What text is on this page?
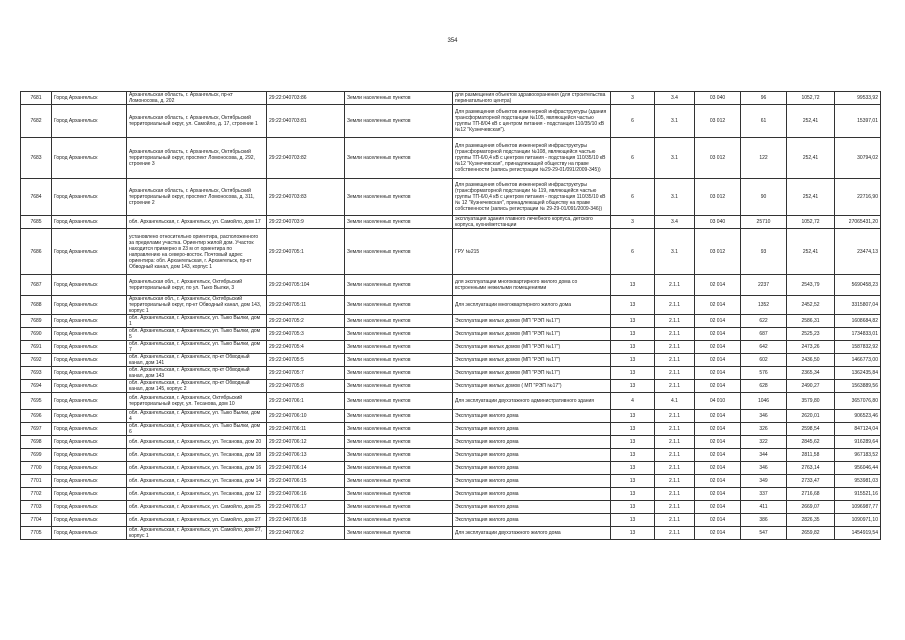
354
7681	Город Архангельск	Архангельская область, г. Архангельск, пр-кт Ломоносова, д. 202	29:22:040703:86	Земли населенных пунктов	для размещения объектов здравоохранения (для строительства перинатального центра)	3	3.4	03 040	96	1052,72	99533,92
7682	Город Архангельск	Архангельская область, г. Архангельск, Октябрьский территориальный округ, ул. Самойло, д. 17, строение 1	29:22:040703:81	Земли населенных пунктов	Для размещения объектов инженерной инфраструктуры (здания трансформаторной подстанции №105, являющейся частью группы ТП-8/04 кВ с центром питания - подстанция 110/35/10 кВ №12 "Кузнечевская").	6	3.1	03 012	61	252,41	15397,01
7683	Город Архангельск	Архангельская область, г. Архангельск, Октябрьский территориальный округ, проспект Ломоносова, д. 292, строение 3	29:22:040703:82	Земли населенных пунктов	Для размещения объектов инженерной инфраструктуры (трансформаторной подстанции №108, являющейся частью группы ТП-6/0,4 кВ с центром питания - подстанция 110/35/10 кВ №12 "Кузнечевская", принадлежащей обществу на праве собственности (запись регистрации №29-29-01/091/2009-345))	6	3.1	03 012	122	252,41	30794,02
7684	Город Архангельск	Архангельская область, г. Архангельск, Октябрьский территориальный округ, проспект Ломоносова, д. 311, строение 2	29:22:040703:83	Земли населенных пунктов	Для размещения объектов инженерной инфраструктуры (трансформаторной подстанции № 119, являющейся частью группы ТП-6/0,4 кВ с центром питания - подстанция 110/35/10 кВ № 12 "Кузнечевская", принадлежащей обществу на праве собственности (запись регистрации № 29-29-01/091/2009-346))	6	3.1	03 012	90	252,41	22716,90
7685	Город Архангельск	обл. Архангельская, г. Архангельск, ул. Самойло, дом 17	29:22:040703:9	Земли населенных пунктов	эксплуатация здания главного лечебного корпуса, детского корпуса, кухни/ветстанции	3	3.4	03 040	25710	1052,72	27065431,20
7686	Город Архангельск	установлено относительно ориентира, расположенного за пределами участка. Ориентир жилой дом. Участок находится примерно в 23 м от ориентира по направлению на северо-восток. Почтовый адрес ориентира: обл. Архангельская, г. Архангельск, пр-кт Обводный канал, дом 143, корпус 1	29:22:040705:1	Земли населенных пунктов	ГРУ №215	6	3.1	03 012	93	252,41	23474,13
7687	Город Архангельск	Архангельская обл., г. Архангельск, Октябрьский территориальный округ, по ул. Тыко Вылки, 3	29:22:040705:104	Земли населенных пунктов	для эксплуатации многоквартирного жилого дома со встроенными нежилыми помещениями	13	2.1.1	02 014	2237	2543,79	5690458,23
7688	Город Архангельск	Архангельская обл., г. Архангельск, Октябрьский территориальный округ, пр-кт Обводный канал, дом 143, корпус 1	29:22:040705:11	Земли населенных пунктов	Для эксплуатации многоквартирного жилого дома	13	2.1.1	02 014	1352	2452,52	3315807,04
7689	Город Архангельск	обл. Архангельская, г. Архангельск, ул. Тыко Вылки, дом 1	29:22:040705:2	Земли населенных пунктов	Эксплуатация жилых домов (МП "РЭП №17")	13	2.1.1	02 014	622	2586,31	1608684,82
7690	Город Архангельск	обл. Архангельская, г. Архангельск, ул. Тыко Вылки, дом 5	29:22:040705:3	Земли населенных пунктов	Эксплуатация жилых домов (МП "РЭП №17")	13	2.1.1	02 014	687	2525,23	1734833,01
7691	Город Архангельск	обл. Архангельская, г. Архангельск, ул. Тыко Вылки, дом 7	29:22:040705:4	Земли населенных пунктов	Эксплуатация жилых домов (МП "РЭП №17")	13	2.1.1	02 014	642	2473,26	1587832,92
7692	Город Архангельск	обл. Архангельская, г. Архангельск, пр-кт Обводный канал, дом 141	29:22:040705:5	Земли населенных пунктов	Эксплуатация жилых домов (МП "РЭП №17")	13	2.1.1	02 014	602	2436,50	1466773,00
7693	Город Архангельск	обл. Архангельская, г. Архангельск, пр-кт Обводный канал, дом 143	29:22:040705:7	Земли населенных пунктов	Эксплуатация жилых домов (МП "РЭП №17")	13	2.1.1	02 014	576	2365,34	1362435,84
7694	Город Архангельск	обл. Архангельская, г. Архангельск, пр-кт Обводный канал, дом 145, корпус 2	29:22:040705:8	Земли населенных пунктов	Эксплуатация жилых домов ( МП "РЭП №17")	13	2.1.1	02 014	628	2490,27	1563889,56
7695	Город Архангельск	обл. Архангельская, г. Архангельск, Октябрьский территориальный округ, ул. Тесанова, дом 10	29:22:040706:1	Земли населенных пунктов	Для эксплуатации двухэтажного административного здания	4	4.1	04 010	1046	3579,80	3657076,80
7696	Город Архангельск	обл. Архангельская, г. Архангельск, ул. Тыко Вылки, дом 4	29:22:040706:10	Земли населенных пунктов	Эксплуатация жилого дома	13	2.1.1	02 014	346	2620,01	906523,46
7697	Город Архангельск	обл. Архангельская, г. Архангельск, ул. Тыко Вылки, дом 6	29:22:040706:11	Земли населенных пунктов	Эксплуатация жилого дома	13	2.1.1	02 014	326	2598,54	847124,04
7698	Город Архангельск	обл. Архангельская, г. Архангельск, ул. Тесанова, дом 20	29:22:040706:12	Земли населенных пунктов	Эксплуатация жилого дома	13	2.1.1	02 014	322	2845,62	916289,64
7699	Город Архангельск	обл. Архангельская, г. Архангельск, ул. Тесанова, дом 18	29:22:040706:13	Земли населенных пунктов	Эксплуатация жилого дома	13	2.1.1	02 014	344	2811,58	967183,52
7700	Город Архангельск	обл. Архангельская, г. Архангельск, ул. Тесанова, дом 16	29:22:040706:14	Земли населенных пунктов	Эксплуатация жилого дома	13	2.1.1	02 014	346	2763,14	956046,44
7701	Город Архангельск	обл. Архангельская, г. Архангельск, ул. Тесанова, дом 14	29:22:040706:15	Земли населенных пунктов	Эксплуатация жилого дома	13	2.1.1	02 014	349	2733,47	953981,03
7702	Город Архангельск	обл. Архангельская, г. Архангельск, ул. Тесанова, дом 12	29:22:040706:16	Земли населенных пунктов	Эксплуатация жилого дома	13	2.1.1	02 014	337	2716,68	915521,16
7703	Город Архангельск	обл. Архангельская, г. Архангельск, ул. Самойло, дом 25	29:22:040706:17	Земли населенных пунктов	Эксплуатация жилого дома	13	2.1.1	02 014	411	2669,07	1096987,77
7704	Город Архангельск	обл. Архангельская, г. Архангельск, ул. Самойло, дом 27	29:22:040706:18	Земли населенных пунктов	Эксплуатация жилого дома	13	2.1.1	02 014	386	2826,35	1090971,10
7705	Город Архангельск	обл. Архангельская, г. Архангельск, ул. Самойло, дом 27, корпус 1	29:22:040706:2	Земли населенных пунктов	Для эксплуатации двухэтажного жилого дома	13	2.1.1	02 014	547	2659,82	1454919,54
